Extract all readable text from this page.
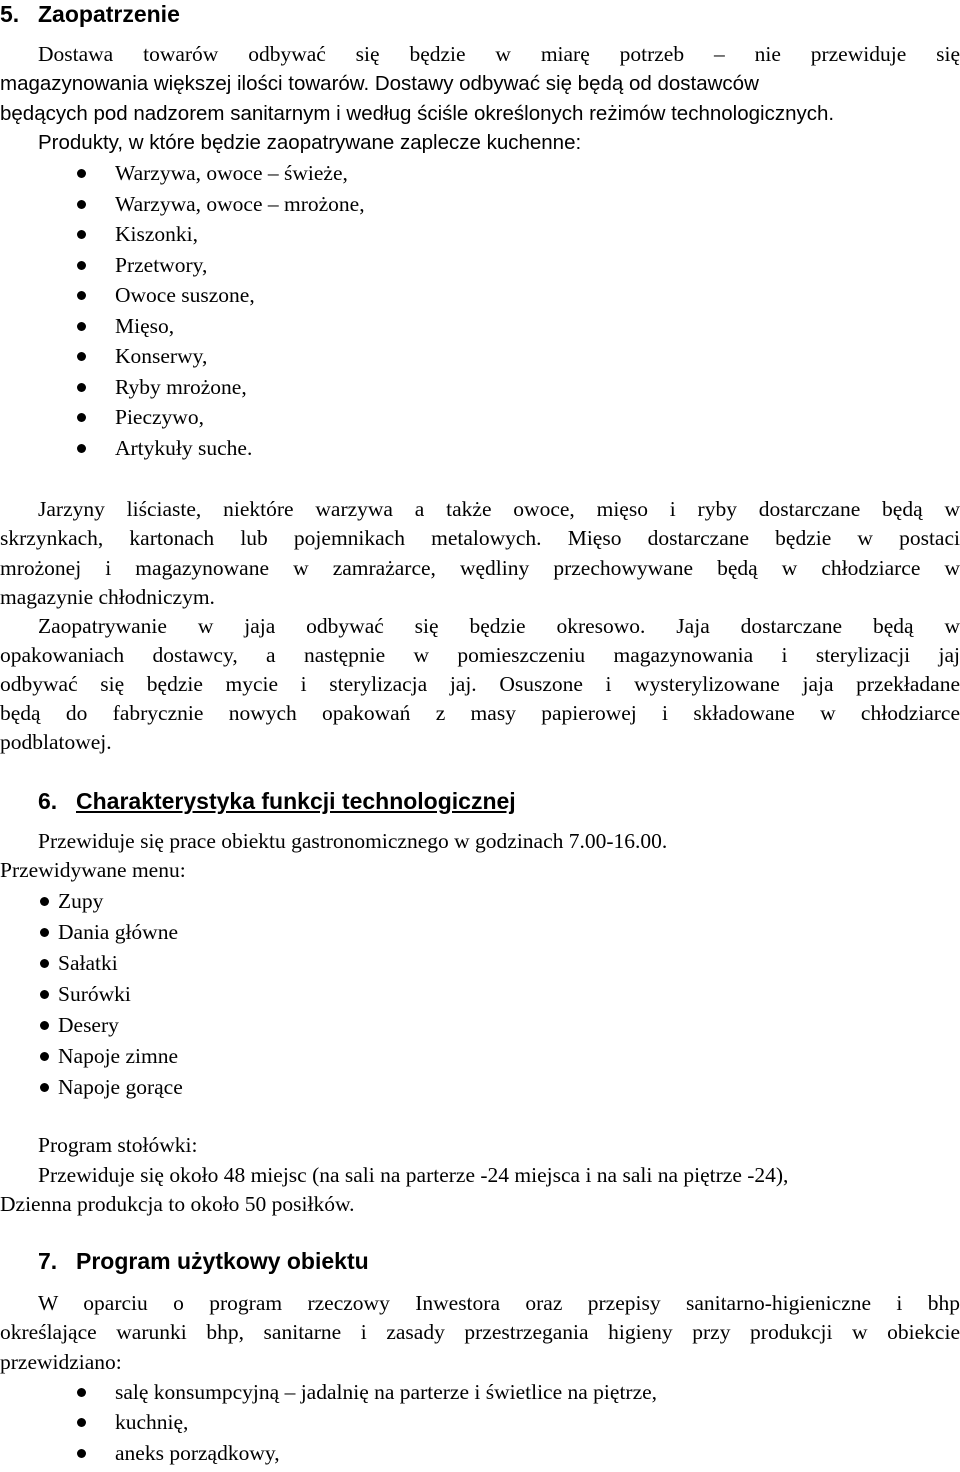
5. Zaopatrzenie

Dostawa towarów odbywać się będzie w miarę potrzeb – nie przewiduje się

magazynowania większej ilości towarów. Dostawy odbywać się będą od dostawców

będących pod nadzorem sanitarnym i według ściśle określonych reżimów technologicznych.

Produkty, w które będzie zaopatrywane zaplecze kuchenne:

Warzywa, owoce – świeże,
Warzywa, owoce – mrożone,
Kiszonki,
Przetwory,
Owoce suszone,
Mięso,
Konserwy,
Ryby mrożone,
Pieczywo,
Artykuły suche.

Jarzyny liściaste, niektóre warzywa a także owoce, mięso i ryby dostarczane będą w

skrzynkach, kartonach lub pojemnikach metalowych. Mięso dostarczane będzie w postaci

mrożonej i magazynowane w zamrażarce, wędliny przechowywane będą w chłodziarce w

magazynie chłodniczym.

Zaopatrywanie w jaja odbywać się będzie okresowo. Jaja dostarczane będą w

opakowaniach dostawcy, a następnie w pomieszczeniu magazynowania i sterylizacji jaj

odbywać się będzie mycie i sterylizacja jaj. Osuszone i wysterylizowane jaja przekładane

będą do fabrycznie nowych opakowań z masy papierowej i składowane w chłodziarce

podblatowej.

6. Charakterystyka funkcji technologicznej

Przewiduje się prace obiektu gastronomicznego w godzinach 7.00-16.00.

Przewidywane menu:

Zupy
Dania główne
Sałatki
Surówki
Desery
Napoje zimne
Napoje gorące

Program stołówki:

Przewiduje się około 48 miejsc (na sali na parterze -24 miejsca i na sali na piętrze -24),

Dzienna produkcja to około 50 posiłków.

7. Program użytkowy obiektu

W oparciu o program rzeczowy Inwestora oraz przepisy sanitarno-higieniczne i bhp

określające warunki bhp, sanitarne i zasady przestrzegania higieny przy produkcji w obiekcie

przewidziano:

salę konsumpcyjną – jadalnię na parterze i świetlice na piętrze,
kuchnię,
aneks porządkowy,
